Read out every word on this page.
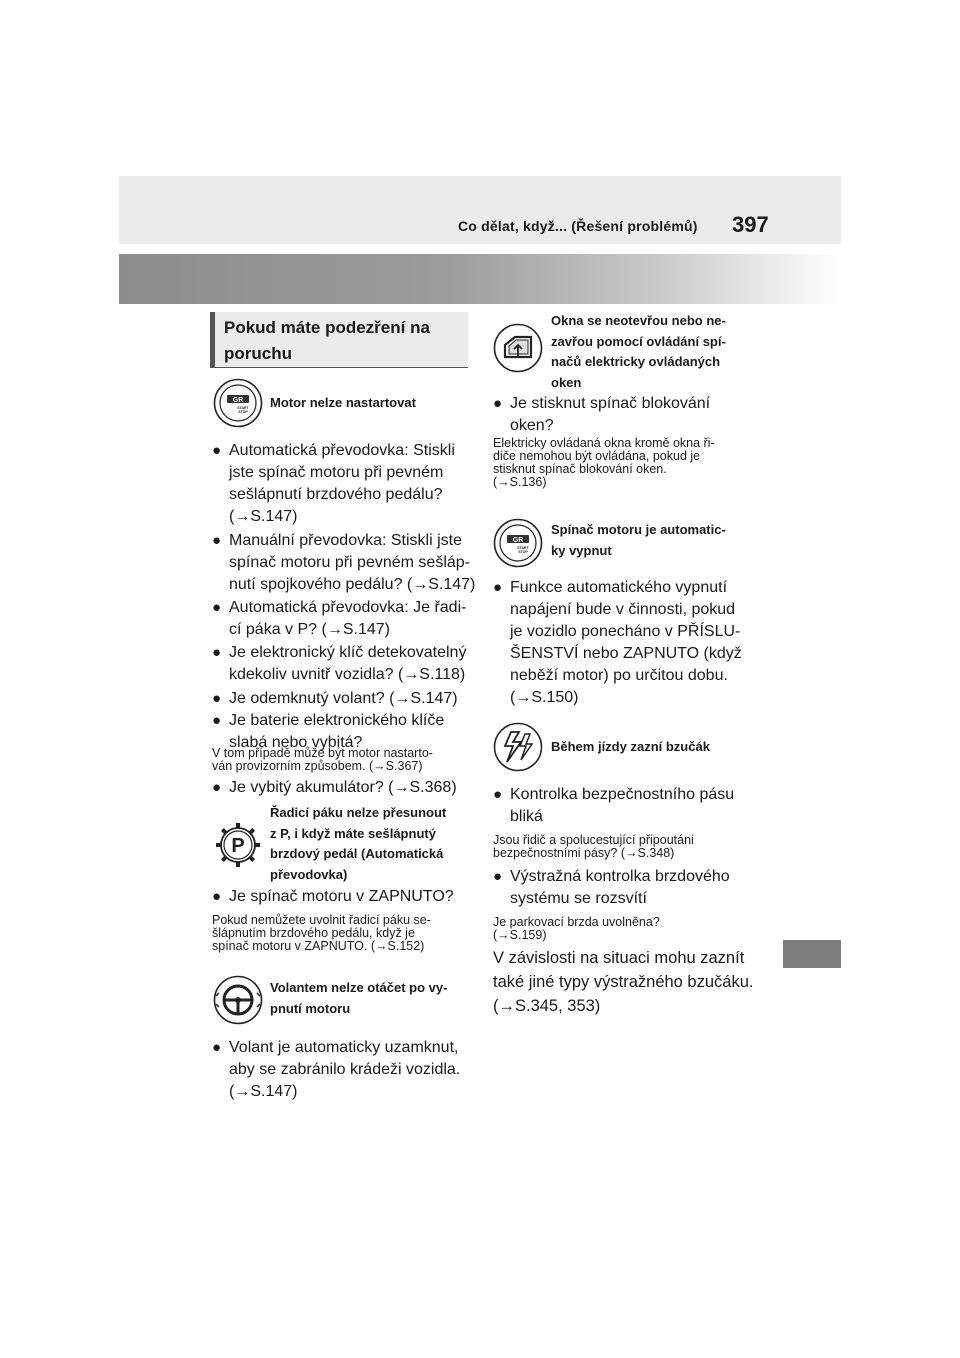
Co dělat, když... (Řešení problémů) 397
Pokud máte podezření na poruchu
GR
START
STOP
Motor nelze nastartovat
● Automatická převodovka: Stiskli
jste spínač motoru při pevném
sešlápnutí brzdového pedálu?
(→S.147)
● Manuální převodovka: Stiskli jste
spínač motoru při pevném sešláp-
nutí spojkového pedálu? (→S.147)
● Automatická převodovka: Je řadi-
cí páka v P? (→S.147)
● Je elektronický klíč detekovatelný
kdekoliv uvnitř vozidla? (→S.118)
● Je odemknutý volant? (→S.147)
● Je baterie elektronického klíče
slabá nebo vybitá?
V tom případě může být motor nastarto-
ván provizorním způsobem. (→S.367)
● Je vybitý akumulátor? (→S.368)
P
Řadicí páku nelze přesunout
z P, i když máte sešlápnutý
brzdový pedál (Automatická
převodovka)
● Je spínač motoru v ZAPNUTO?
Pokud nemůžete uvolnit řadicí páku se-
šlápnutím brzdového pedálu, když je
spínač motoru v ZAPNUTO. (→S.152)
Volantem nelze otáčet po vy-
pnutí motoru
● Volant je automaticky uzamknut,
aby se zabránilo krádeži vozidla.
(→S.147)
Okna se neotevřou nebo ne-
zavřou pomocí ovládání spí-
načů elektricky ovládaných
oken
● Je stisknut spínač blokování
oken?
Elektricky ovládaná okna kromě okna ři-
diče nemohou být ovládána, pokud je
stisknut spínač blokování oken.
(→S.136)
GR
START
STOP
Spínač motoru je automatic-
ky vypnut
● Funkce automatického vypnutí
napájení bude v činnosti, pokud
je vozidlo ponecháno v PŘÍSLU-
ŠENSTVÍ nebo ZAPNUTO (když
neběží motor) po určitou dobu.
(→S.150)
Během jízdy zazní bzučák
● Kontrolka bezpečnostního pásu
bliká
Jsou řidič a spolucestující připoutáni
bezpečnostními pásy? (→S.348)
● Výstražná kontrolka brzdového
systému se rozsvítí
Je parkovací brzda uvolněna?
(→S.159)
V závislosti na situaci mohu zaznít
také jiné typy výstražného bzučáku.
(→S.345, 353)
